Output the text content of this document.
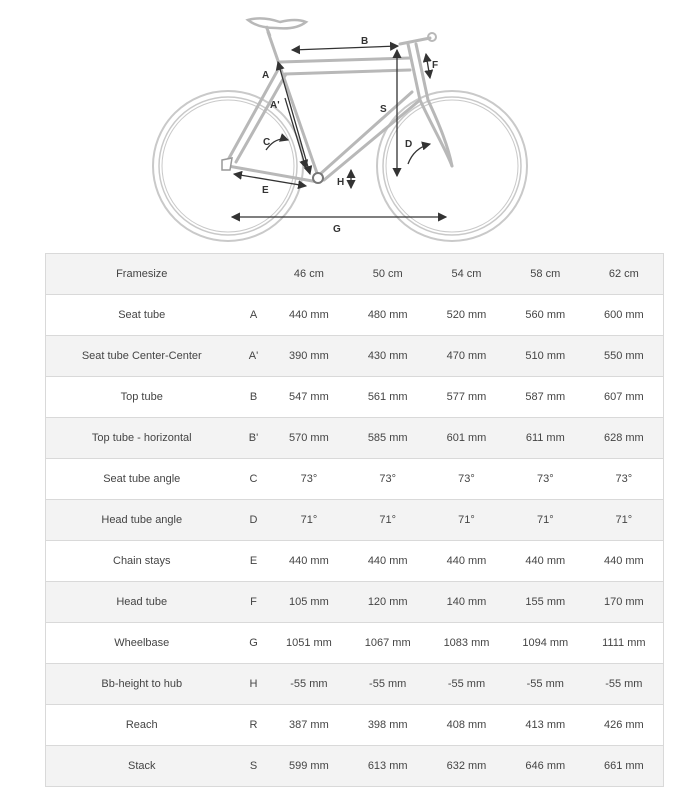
A
A'
B
C	D
E
F
G
H
S
Framesize		46 cm	50 cm	54 cm	58 cm	62 cm
Seat tube	A	440 mm	480 mm	520 mm	560 mm	600 mm
Seat tube Center-Center	A'	390 mm	430 mm	470 mm	510 mm	550 mm
Top tube	B	547 mm	561 mm	577 mm	587 mm	607 mm
Top tube - horizontal	B'	570 mm	585 mm	601 mm	611 mm	628 mm
Seat tube angle	C	73°	73°	73°	73°	73°
Head tube angle	D	71°	71°	71°	71°	71°
Chain stays	E	440 mm	440 mm	440 mm	440 mm	440 mm
Head tube	F	105 mm	120 mm	140 mm	155 mm	170 mm
Wheelbase	G	1051 mm	1067 mm	1083 mm	1094 mm	1111 mm
Bb-height to hub	H	-55 mm	-55 mm	-55 mm	-55 mm	-55 mm
Reach	R	387 mm	398 mm	408 mm	413 mm	426 mm
Stack	S	599 mm	613 mm	632 mm	646 mm	661 mm
